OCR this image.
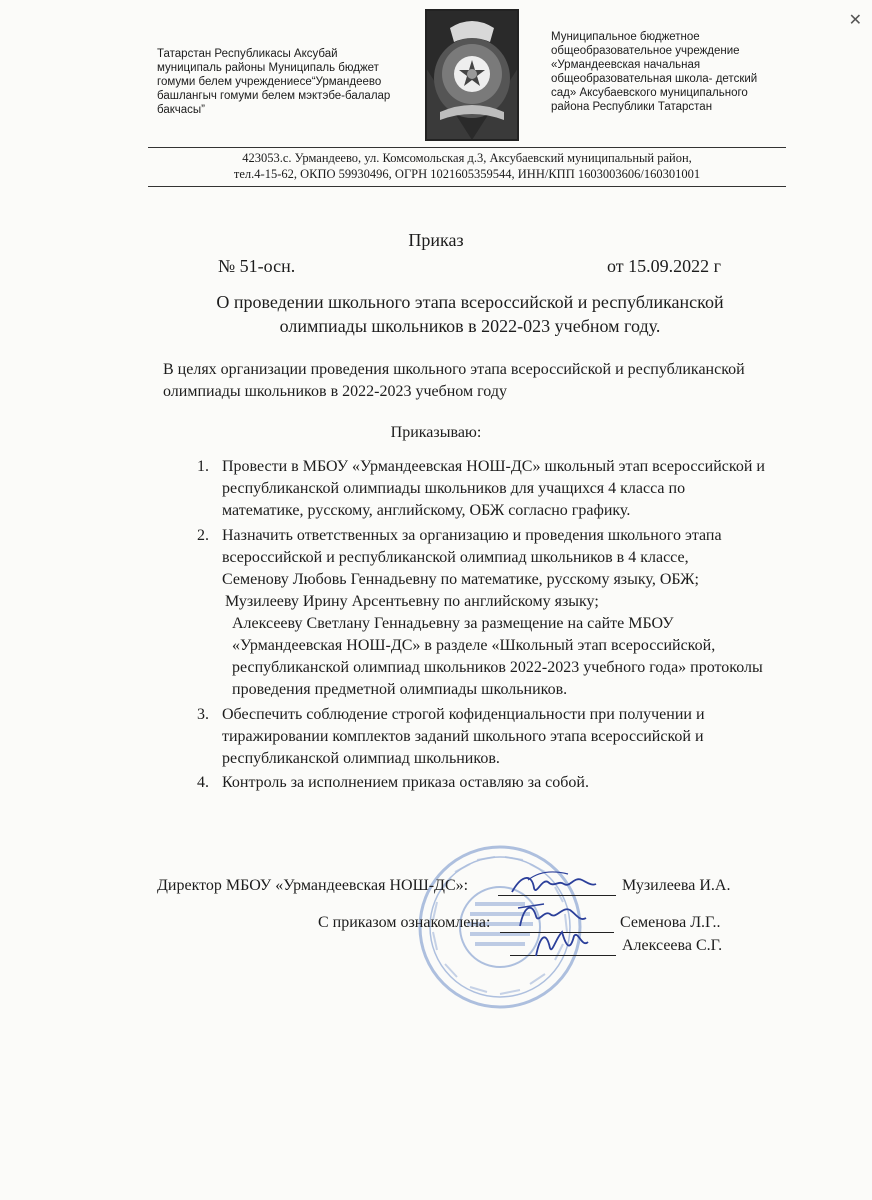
✕
Татарстан Республикасы Аксубай
муниципаль районы Муниципаль бюджет
гомуми белем учреждениесе“Урмандеево
башлангыч гомуми белем мэктэбе-балалар
бакчасы”
Муниципальное бюджетное
общеобразовательное учреждение
«Урмандеевская начальная
общеобразовательная школа- детский
сад» Аксубаевского муниципального
района Республики Татарстан
423053.с. Урмандеево, ул. Комсомольская д.3, Аксубаевский муниципальный район,
тел.4-15-62, ОКПО 59930496, ОГРН 1021605359544, ИНН/КПП 1603003606/160301001
Приказ
№ 51-осн.	от 15.09.2022 г
О проведении школьного этапа всероссийской и республиканской
олимпиады школьников в 2022-023 учебном году.
В целях организации проведения школьного этапа всероссийской и республиканской
олимпиады школьников в 2022-2023 учебном году
Приказываю:
1. Провести в МБОУ «Урмандеевская НОШ-ДС» школьный этап всероссийской и
республиканской олимпиады школьников для учащихся 4 класса по
математике, русскому, английскому, ОБЖ согласно графику.
2. Назначить ответственных за организацию и проведения школьного этапа
всероссийской и республиканской олимпиад школьников в 4 классе,
Семенову Любовь Геннадьевну по математике, русскому языку, ОБЖ;
Музилееву Ирину Арсентьевну по английскому языку;
Алексееву Светлану Геннадьевну за размещение на сайте МБОУ
«Урмандеевская НОШ-ДС» в разделе «Школьный этап всероссийской,
республиканской олимпиад школьников 2022-2023 учебного года» протоколы
проведения предметной олимпиады школьников.
3. Обеспечить соблюдение строгой кофиденциальности при получении и
тиражировании комплектов заданий школьного этапа всероссийской и
республиканской олимпиад школьников.
4. Контроль за исполнением приказа оставляю за собой.
Директор МБОУ «Урмандеевская НОШ-ДС»:	Музилеева И.А.
С приказом ознакомлена:	Семенова Л.Г..
Алексеева С.Г.
